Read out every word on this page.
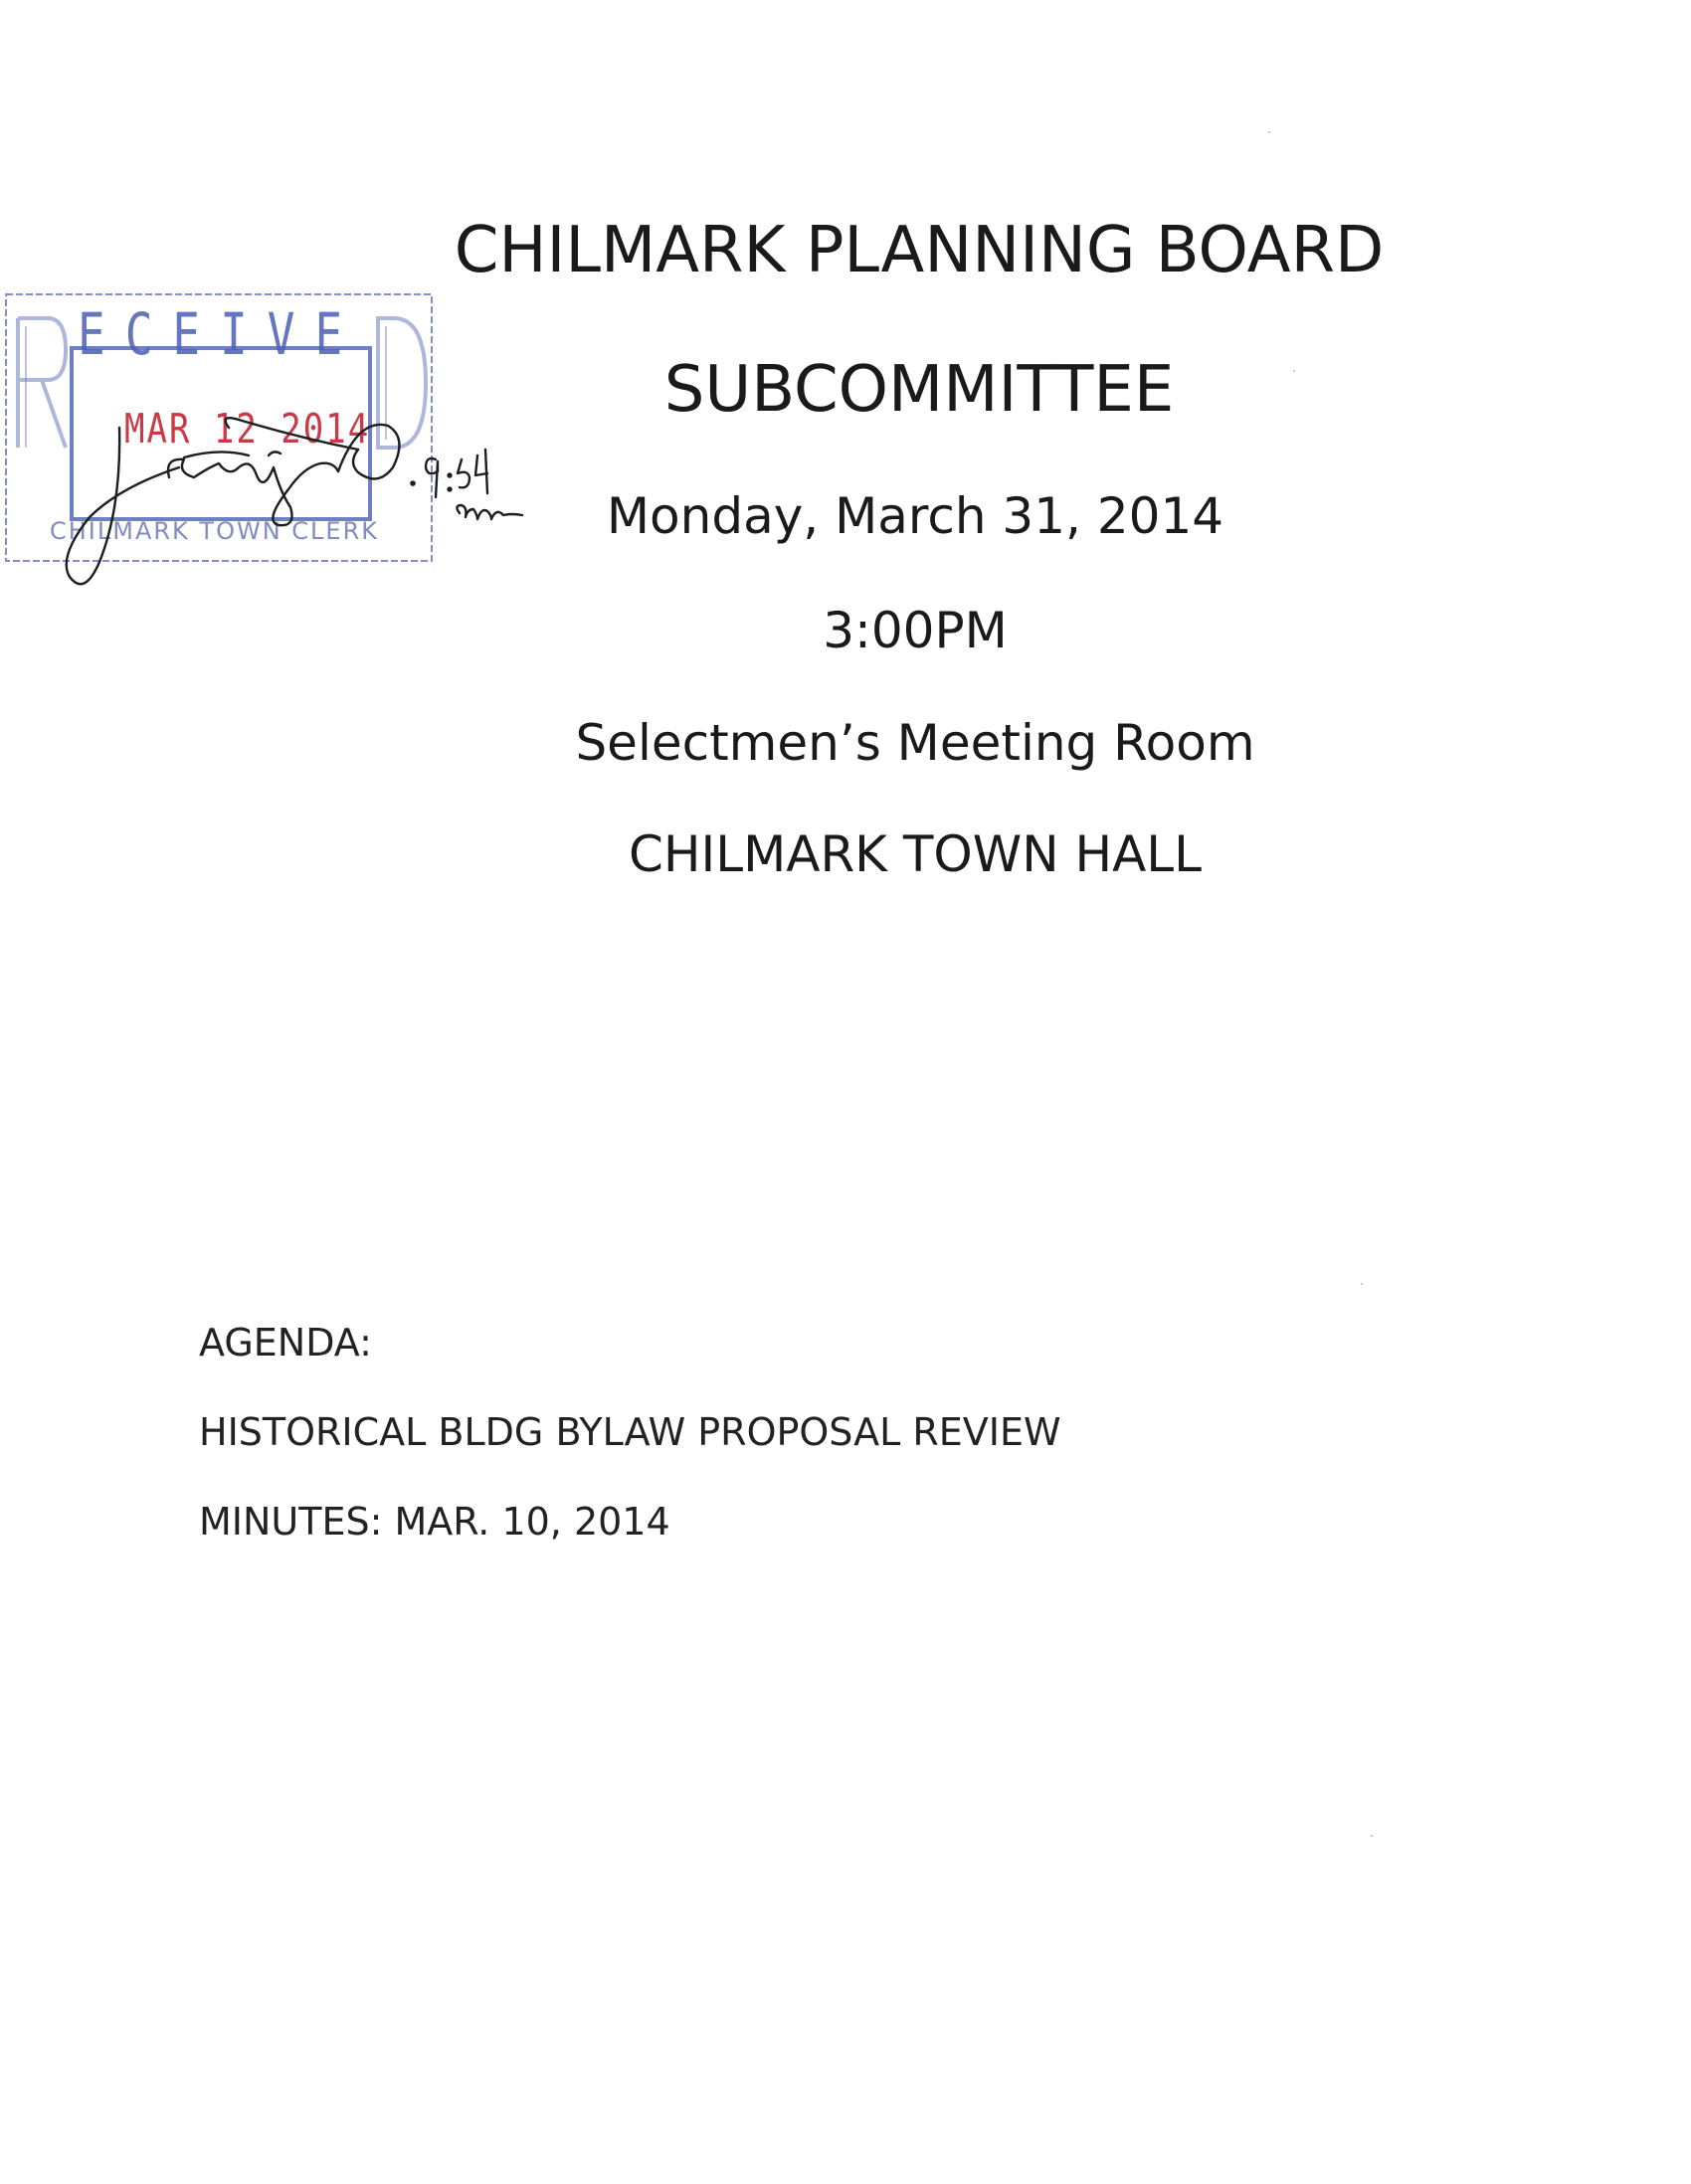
ECEIVE
MAR 12 2014
CHILMARK TOWN CLERK
CHILMARK PLANNING BOARD
SUBCOMMITTEE
Monday, March 31, 2014
3:00PM
Selectmen’s Meeting Room
CHILMARK TOWN HALL
AGENDA:
HISTORICAL BLDG BYLAW PROPOSAL REVIEW
MINUTES: MAR. 10, 2014
